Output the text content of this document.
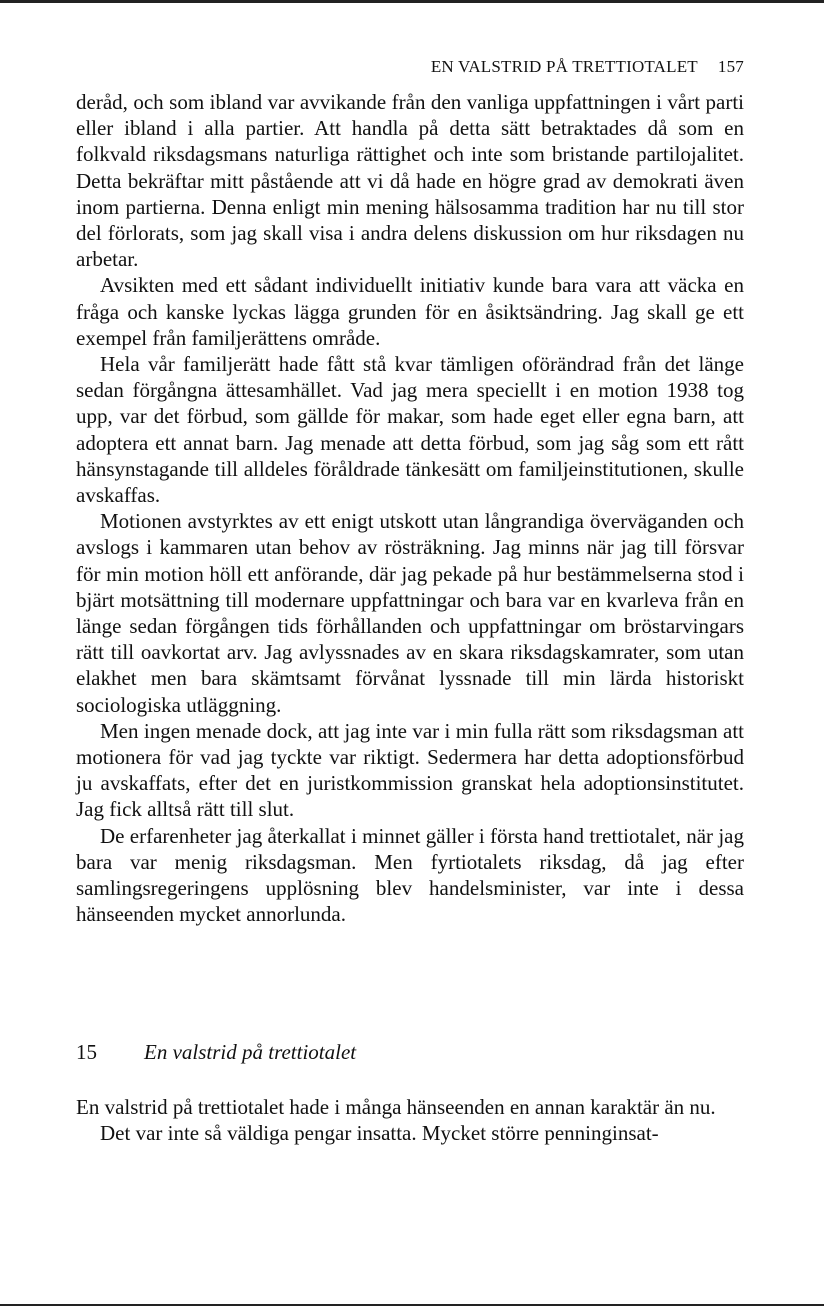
EN VALSTRID PÅ TRETTIOTALET 157

deråd, och som ibland var avvikande från den vanliga uppfattningen i vårt parti eller ibland i alla partier. Att handla på detta sätt betraktades då som en folkvald riksdagsmans naturliga rättighet och inte som bristande partilojalitet. Detta bekräftar mitt påstående att vi då hade en högre grad av demokrati även inom partierna. Denna enligt min mening hälsosamma tradition har nu till stor del förlorats, som jag skall visa i andra delens diskussion om hur riksdagen nu arbetar.

Avsikten med ett sådant individuellt initiativ kunde bara vara att väcka en fråga och kanske lyckas lägga grunden för en åsiktsändring. Jag skall ge ett exempel från familjerättens område.

Hela vår familjerätt hade fått stå kvar tämligen oförändrad från det länge sedan förgångna ättesamhället. Vad jag mera speciellt i en motion 1938 tog upp, var det förbud, som gällde för makar, som hade eget eller egna barn, att adoptera ett annat barn. Jag menade att detta förbud, som jag såg som ett rått hänsynstagande till alldeles föråldrade tänkesätt om familjeinstitutionen, skulle avskaffas.

Motionen avstyrktes av ett enigt utskott utan långrandiga överväganden och avslogs i kammaren utan behov av rösträkning. Jag minns när jag till försvar för min motion höll ett anförande, där jag pekade på hur bestämmelserna stod i bjärt motsättning till modernare uppfattningar och bara var en kvarleva från en länge sedan förgången tids förhållanden och uppfattningar om bröstarvingars rätt till oavkortat arv. Jag avlyssnades av en skara riksdagskamrater, som utan elakhet men bara skämtsamt förvånat lyssnade till min lärda historiskt sociologiska utläggning.

Men ingen menade dock, att jag inte var i min fulla rätt som riksdagsman att motionera för vad jag tyckte var riktigt. Sedermera har detta adoptionsförbud ju avskaffats, efter det en juristkommission granskat hela adoptionsinstitutet. Jag fick alltså rätt till slut.

De erfarenheter jag återkallat i minnet gäller i första hand trettiotalet, när jag bara var menig riksdagsman. Men fyrtiotalets riksdag, då jag efter samlingsregeringens upplösning blev handelsminister, var inte i dessa hänseenden mycket annorlunda.

15 En valstrid på trettiotalet

En valstrid på trettiotalet hade i många hänseenden en annan karaktär än nu.

Det var inte så väldiga pengar insatta. Mycket större penninginsat-
